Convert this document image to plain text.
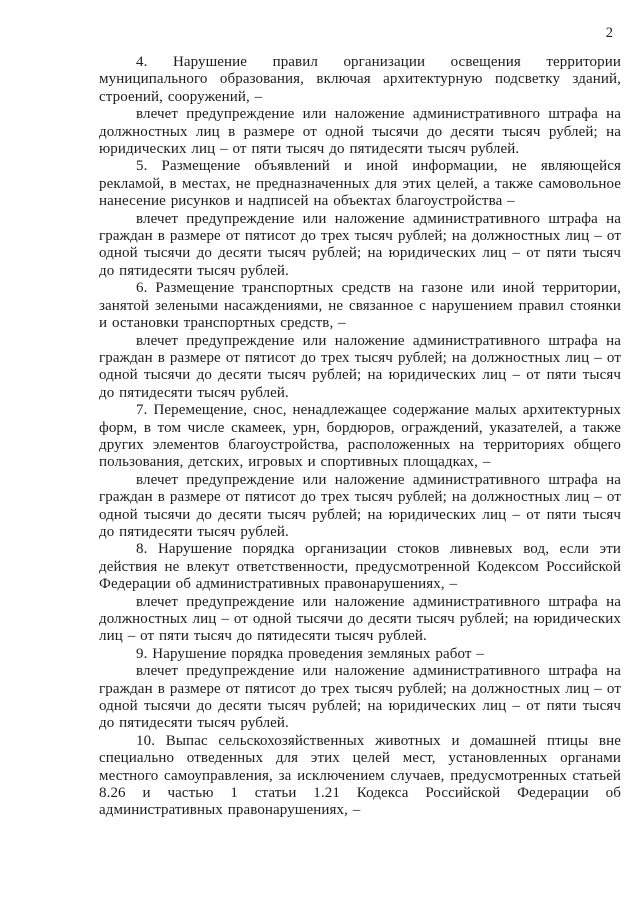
2

4. Нарушение правил организации освещения территории муниципального образования, включая архитектурную подсветку зданий, строений, сооружений, –

влечет предупреждение или наложение административного штрафа на должностных лиц в размере от одной тысячи до десяти тысяч рублей; на юридических лиц – от пяти тысяч до пятидесяти тысяч рублей.

5. Размещение объявлений и иной информации, не являющейся рекламой, в местах, не предназначенных для этих целей, а также самовольное нанесение рисунков и надписей на объектах благоустройства –

влечет предупреждение или наложение административного штрафа на граждан в размере от пятисот до трех тысяч рублей; на должностных лиц – от одной тысячи до десяти тысяч рублей; на юридических лиц – от пяти тысяч до пятидесяти тысяч рублей.

6. Размещение транспортных средств на газоне или иной территории, занятой зелеными насаждениями, не связанное с нарушением правил стоянки и остановки транспортных средств, –

влечет предупреждение или наложение административного штрафа на граждан в размере от пятисот до трех тысяч рублей; на должностных лиц – от одной тысячи до десяти тысяч рублей; на юридических лиц – от пяти тысяч до пятидесяти тысяч рублей.

7. Перемещение, снос, ненадлежащее содержание малых архитектурных форм, в том числе скамеек, урн, бордюров, ограждений, указателей, а также других элементов благоустройства, расположенных на территориях общего пользования, детских, игровых и спортивных площадках, –

влечет предупреждение или наложение административного штрафа на граждан в размере от пятисот до трех тысяч рублей; на должностных лиц – от одной тысячи до десяти тысяч рублей; на юридических лиц – от пяти тысяч до пятидесяти тысяч рублей.

8. Нарушение порядка организации стоков ливневых вод, если эти действия не влекут ответственности, предусмотренной Кодексом Российской Федерации об административных правонарушениях, –

влечет предупреждение или наложение административного штрафа на должностных лиц – от одной тысячи до десяти тысяч рублей; на юридических лиц – от пяти тысяч до пятидесяти тысяч рублей.

9. Нарушение порядка проведения земляных работ –

влечет предупреждение или наложение административного штрафа на граждан в размере от пятисот до трех тысяч рублей; на должностных лиц – от одной тысячи до десяти тысяч рублей; на юридических лиц – от пяти тысяч до пятидесяти тысяч рублей.

10. Выпас сельскохозяйственных животных и домашней птицы вне специально отведенных для этих целей мест, установленных органами местного самоуправления, за исключением случаев, предусмотренных статьей 8.26 и частью 1 статьи 1.21 Кодекса Российской Федерации об административных правонарушениях, –
